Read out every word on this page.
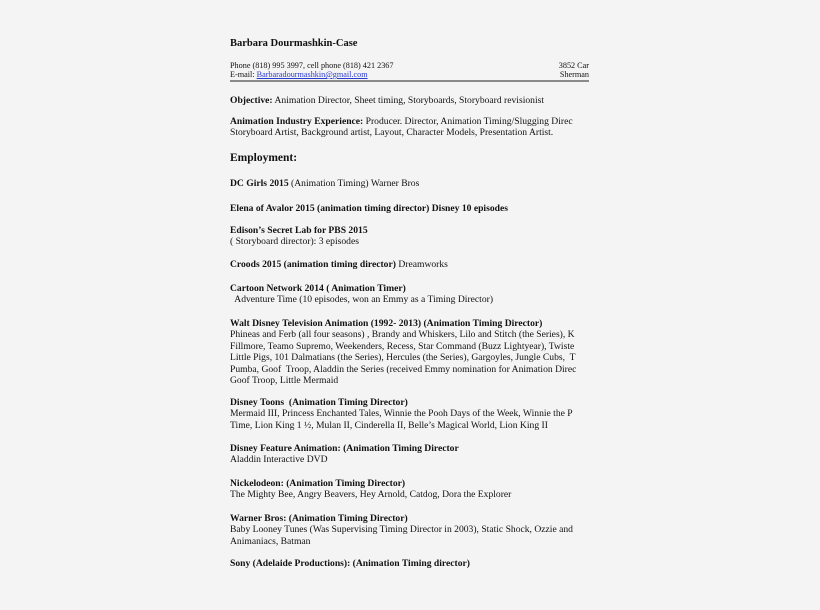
Barbara Dourmashkin-Case
Phone (818) 995 3997, cell phone (818) 421 2367	3852 Car
E-mail: Barbaradourmashkin@gmail.com	Sherman
Objective: Animation Director, Sheet timing, Storyboards, Storyboard revisionist
Animation Industry Experience: Producer. Director, Animation Timing/Slugging Direc
Storyboard Artist, Background artist, Layout, Character Models, Presentation Artist.
Employment:
DC Girls 2015 (Animation Timing) Warner Bros
Elena of Avalor 2015 (animation timing director) Disney 10 episodes
Edison’s Secret Lab for PBS 2015
( Storyboard director): 3 episodes
Croods 2015 (animation timing director) Dreamworks
Cartoon Network 2014 ( Animation Timer)
Adventure Time (10 episodes, won an Emmy as a Timing Director)
Walt Disney Television Animation (1992- 2013) (Animation Timing Director)
Phineas and Ferb (all four seasons) , Brandy and Whiskers, Lilo and Stitch (the Series), K
Fillmore, Teamo Supremo, Weekenders, Recess, Star Command (Buzz Lightyear), Twiste
Little Pigs, 101 Dalmatians (the Series), Hercules (the Series), Gargoyles, Jungle Cubs,  T
Pumba, Goof  Troop, Aladdin the Series (received Emmy nomination for Animation Direc
Goof Troop, Little Mermaid
Disney Toons  (Animation Timing Director)
Mermaid III, Princess Enchanted Tales, Winnie the Pooh Days of the Week, Winnie the P
Time, Lion King 1 ½, Mulan II, Cinderella II, Belle’s Magical World, Lion King II
Disney Feature Animation: (Animation Timing Director
Aladdin Interactive DVD
Nickelodeon: (Animation Timing Director)
The Mighty Bee, Angry Beavers, Hey Arnold, Catdog, Dora the Explorer
Warner Bros: (Animation Timing Director)
Baby Looney Tunes (Was Supervising Timing Director in 2003), Static Shock, Ozzie and
Animaniacs, Batman
Sony (Adelaide Productions): (Animation Timing director)
